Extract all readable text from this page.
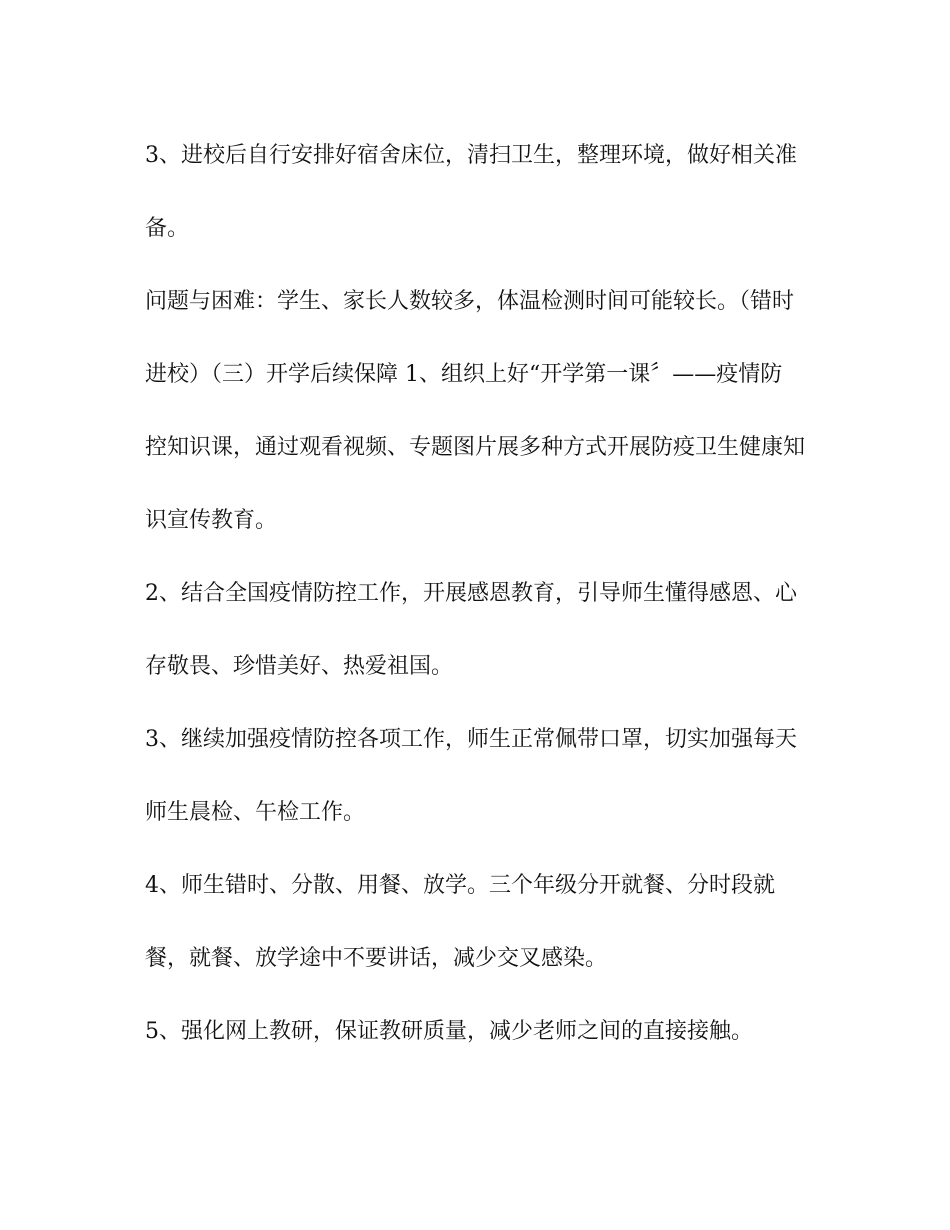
3、进校后自行安排好宿舍床位，清扫卫生，整理环境，做好相关准

备。

问题与困难：学生、家长人数较多，体温检测时间可能较长。（错时

进校）（三）开学后续保障 1、组织上好“开学第一课〞——疫情防

控知识课，通过观看视频、专题图片展多种方式开展防疫卫生健康知

识宣传教育。

2、结合全国疫情防控工作，开展感恩教育，引导师生懂得感恩、心

存敬畏、珍惜美好、热爱祖国。

3、继续加强疫情防控各项工作，师生正常佩带口罩，切实加强每天

师生晨检、午检工作。

4、师生错时、分散、用餐、放学。三个年级分开就餐、分时段就

餐，就餐、放学途中不要讲话，减少交叉感染。

5、强化网上教研，保证教研质量，减少老师之间的直接接触。
